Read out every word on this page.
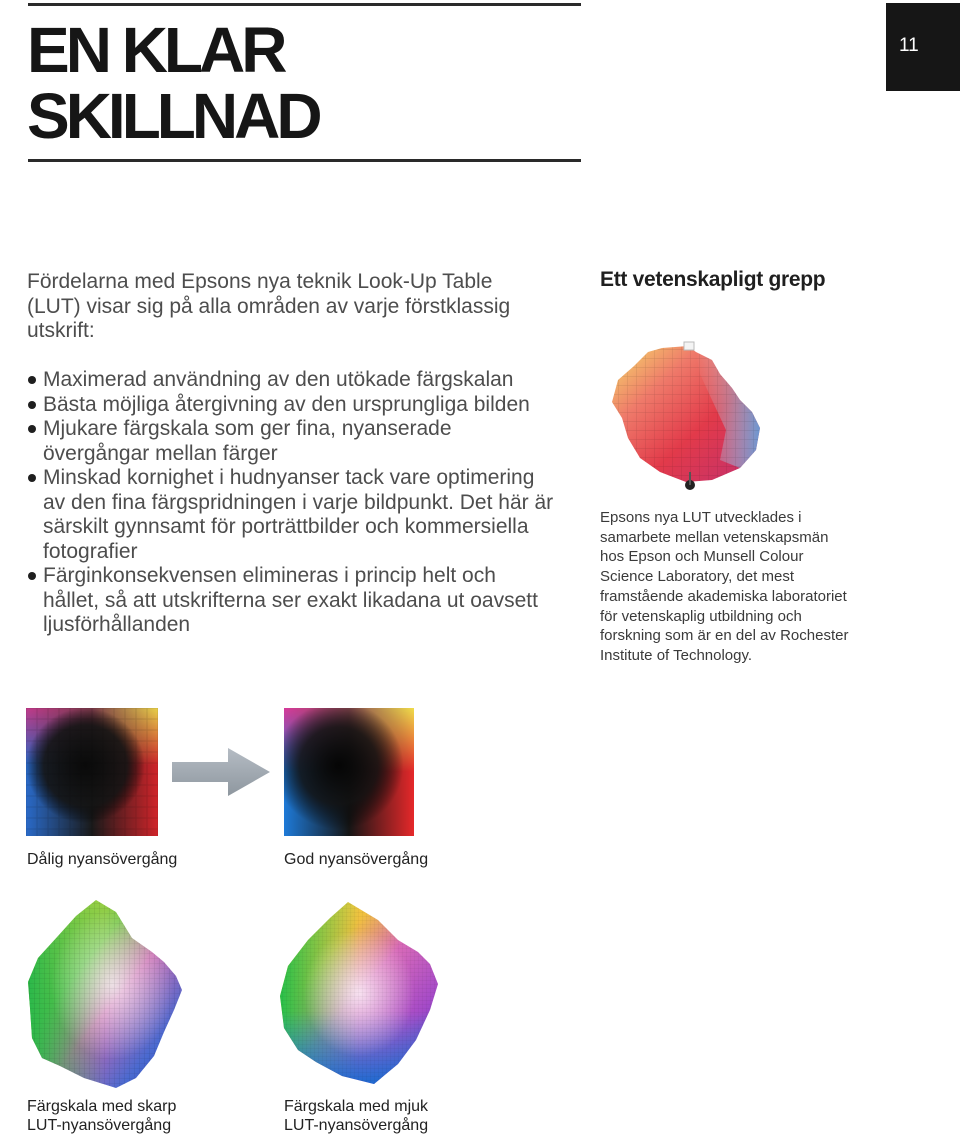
EN KLAR
SKILLNAD
11
Fördelarna med Epsons nya teknik Look-Up Table
(LUT) visar sig på alla områden av varje förstklassig
utskrift:
Maximerad användning av den utökade färgskalan
Bästa möjliga återgivning av den ursprungliga bilden
Mjukare färgskala som ger fina, nyanserade
övergångar mellan färger
Minskad kornighet i hudnyanser tack vare optimering
av den fina färgspridningen i varje bildpunkt. Det här är
särskilt gynnsamt för porträttbilder och kommersiella
fotografier
Färginkonsekvensen elimineras i princip helt och
hållet, så att utskrifterna ser exakt likadana ut oavsett
ljusförhållanden
Ett vetenskapligt grepp
Epsons nya LUT utvecklades i
samarbete mellan vetenskapsmän
hos Epson och Munsell Colour
Science Laboratory, det mest
framstående akademiska laboratoriet
för vetenskaplig utbildning och
forskning som är en del av Rochester
Institute of Technology.
Dålig nyansövergång	God nyansövergång
Färgskala med skarp
LUT-nyansövergång
Färgskala med mjuk
LUT-nyansövergång
